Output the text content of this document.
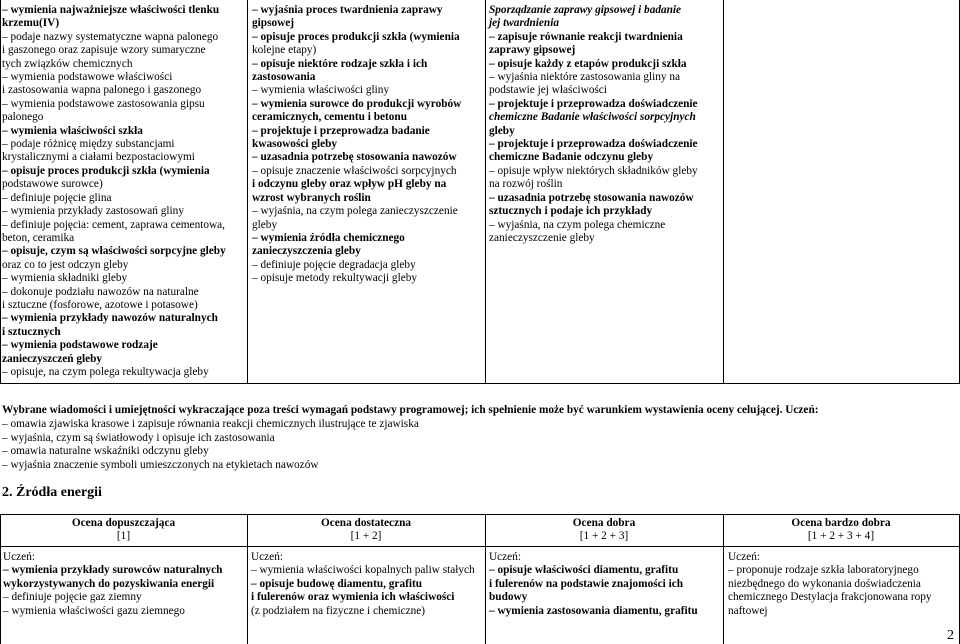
– wymienia najważniejsze właściwości tlenku
krzemu(IV)
– podaje nazwy systematyczne wapna palonego
i gaszonego oraz zapisuje wzory sumaryczne
tych związków chemicznych
– wymienia podstawowe właściwości
i zastosowania wapna palonego i gaszonego
– wymienia podstawowe zastosowania gipsu
palonego
– wymienia właściwości szkła
– podaje różnicę między substancjami
krystalicznymi a ciałami bezpostaciowymi
– opisuje proces produkcji szkła (wymienia
podstawowe surowce)
– definiuje pojęcie glina
– wymienia przykłady zastosowań gliny
– definiuje pojęcia: cement, zaprawa cementowa,
beton, ceramika
– opisuje, czym są właściwości sorpcyjne gleby
oraz co to jest odczyn gleby
– wymienia składniki gleby
– dokonuje podziału nawozów na naturalne
i sztuczne (fosforowe, azotowe i potasowe)
– wymienia przykłady nawozów naturalnych
i sztucznych
– wymienia podstawowe rodzaje
zanieczyszczeń gleby
– opisuje, na czym polega rekultywacja gleby
– wyjaśnia proces twardnienia zaprawy
gipsowej
– opisuje proces produkcji szkła (wymienia
kolejne etapy)
– opisuje niektóre rodzaje szkła i ich
zastosowania
– wymienia właściwości gliny
– wymienia surowce do produkcji wyrobów
ceramicznych, cementu i betonu
– projektuje i przeprowadza badanie
kwasowości gleby
– uzasadnia potrzebę stosowania nawozów
– opisuje znaczenie właściwości sorpcyjnych
i odczynu gleby oraz wpływ pH gleby na
wzrost wybranych roślin
– wyjaśnia, na czym polega zanieczyszczenie
gleby
– wymienia źródła chemicznego
zanieczyszczenia gleby
– definiuje pojęcie degradacja gleby
– opisuje metody rekultywacji gleby
Sporządzanie zaprawy gipsowej i badanie
jej twardnienia
– zapisuje równanie reakcji twardnienia
zaprawy gipsowej
– opisuje każdy z etapów produkcji szkła
– wyjaśnia niektóre zastosowania gliny na
podstawie jej właściwości
– projektuje i przeprowadza doświadczenie
chemiczne Badanie właściwości sorpcyjnych
gleby
– projektuje i przeprowadza doświadczenie
chemiczne Badanie odczynu gleby
– opisuje wpływ niektórych składników gleby
na rozwój roślin
– uzasadnia potrzebę stosowania nawozów
sztucznych i podaje ich przykłady
– wyjaśnia, na czym polega chemiczne
zanieczyszczenie gleby
Wybrane wiadomości i umiejętności wykraczające poza treści wymagań podstawy programowej; ich spełnienie może być warunkiem wystawienia oceny celującej. Uczeń:
– omawia zjawiska krasowe i zapisuje równania reakcji chemicznych ilustrujące te zjawiska
– wyjaśnia, czym są światłowody i opisuje ich zastosowania
– omawia naturalne wskaźniki odczynu gleby
– wyjaśnia znaczenie symboli umieszczonych na etykietach nawozów
2. Źródła energii
Ocena dopuszczająca
[1]
Ocena dostateczna
[1 + 2]
Ocena dobra
[1 + 2 + 3]
Ocena bardzo dobra
[1 + 2 + 3 + 4]
Uczeń:
– wymienia przykłady surowców naturalnych
wykorzystywanych do pozyskiwania energii
– definiuje pojęcie gaz ziemny
– wymienia właściwości gazu ziemnego
Uczeń:
– wymienia właściwości kopalnych paliw stałych
– opisuje budowę diamentu, grafitu
i fulerenów oraz wymienia ich właściwości
(z podziałem na fizyczne i chemiczne)
Uczeń:
– opisuje właściwości diamentu, grafitu
i fulerenów na podstawie znajomości ich
budowy
– wymienia zastosowania diamentu, grafitu
Uczeń:
– proponuje rodzaje szkła laboratoryjnego
niezbędnego do wykonania doświadczenia
chemicznego Destylacja frakcjonowana ropy
naftowej
2
